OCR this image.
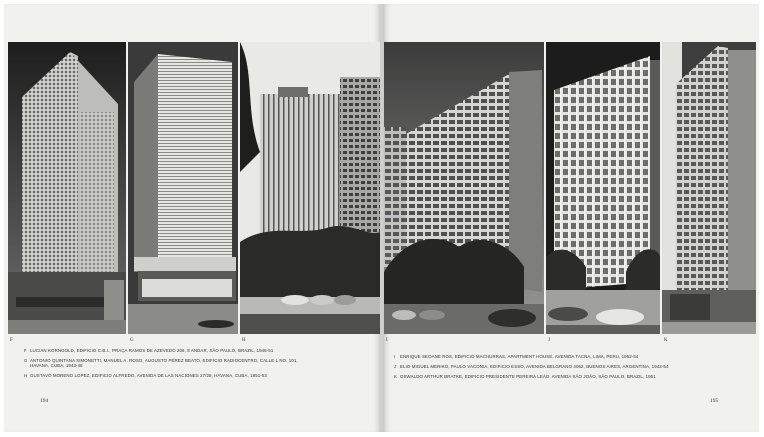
F	G	H	I	J	K
F LUCIAN KORNGOLD, EDIFICIO C.B.I., PRAÇA RAMOS DE AZEVEDO 206, 8 ANDAR, SÃO PAULO, BRAZIL, 1948-51
G ANTONIO QUINTANA SIMONETTI, MANUEL A. ROSO, AUGUSTO PÉREZ BEATO, EDIFICIO RADIOCENTRO, CALLE L NO. 101,
HAVANA, CUBA, 1943-48
H GUSTAVO MORENO LOPEZ, EDIFICIO ALFREDO, AVENIDA DE LAS NACIONES 27/28, HAVANA, CUBA, 1951-53
I ENRIQUE SEOANE ROS, EDIFICIO MACHURRAS, APARTMENT HOUSE, AVENIDA TACNA, LIMA, PERU, 1952-54
J ELIO MIGUEL MERIKO, PAULO VACONIA, EDIFICIO ESSO, AVENIDA BELGRANO 4052, BUENOS AIRES, ARGENTINA, 1943-54
K OSWALDO ARTHUR BRATKE, EDIFICIO PRESIDENTE PEREIRA LEÃO, AVENIDA SÃO JOÃO, SÃO PAULO, BRAZIL, 1951
194	195
